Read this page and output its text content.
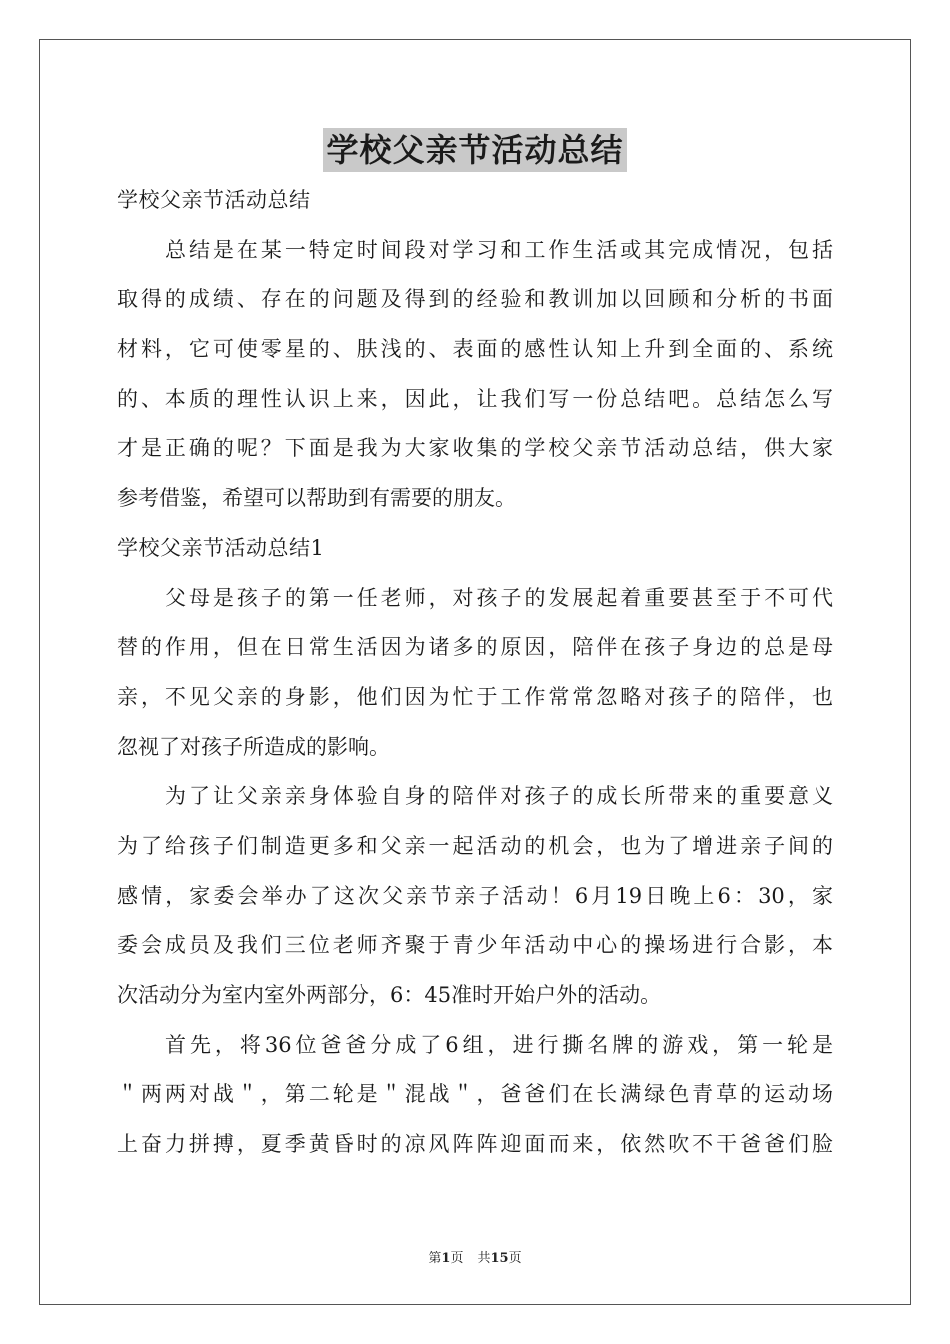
学校父亲节活动总结
学校父亲节活动总结
总结是在某一特定时间段对学习和工作生活或其完成情况，包括
取得的成绩、存在的问题及得到的经验和教训加以回顾和分析的书面
材料，它可使零星的、肤浅的、表面的感性认知上升到全面的、系统
的、本质的理性认识上来，因此，让我们写一份总结吧。总结怎么写
才是正确的呢？下面是我为大家收集的学校父亲节活动总结，供大家
参考借鉴，希望可以帮助到有需要的朋友。
学校父亲节活动总结1
父母是孩子的第一任老师，对孩子的发展起着重要甚至于不可代
替的作用，但在日常生活因为诸多的原因，陪伴在孩子身边的总是母
亲，不见父亲的身影，他们因为忙于工作常常忽略对孩子的陪伴，也
忽视了对孩子所造成的影响。
为了让父亲亲身体验自身的陪伴对孩子的成长所带来的重要意义
为了给孩子们制造更多和父亲一起活动的机会，也为了增进亲子间的
感情，家委会举办了这次父亲节亲子活动！6月19日晚上6：30，家
委会成员及我们三位老师齐聚于青少年活动中心的操场进行合影，本
次活动分为室内室外两部分，6：45准时开始户外的活动。
首先，将36位爸爸分成了6组，进行撕名牌的游戏，第一轮是
＂两两对战＂，第二轮是＂混战＂，爸爸们在长满绿色青草的运动场
上奋力拼搏，夏季黄昏时的凉风阵阵迎面而来，依然吹不干爸爸们脸
第1页 共15页
